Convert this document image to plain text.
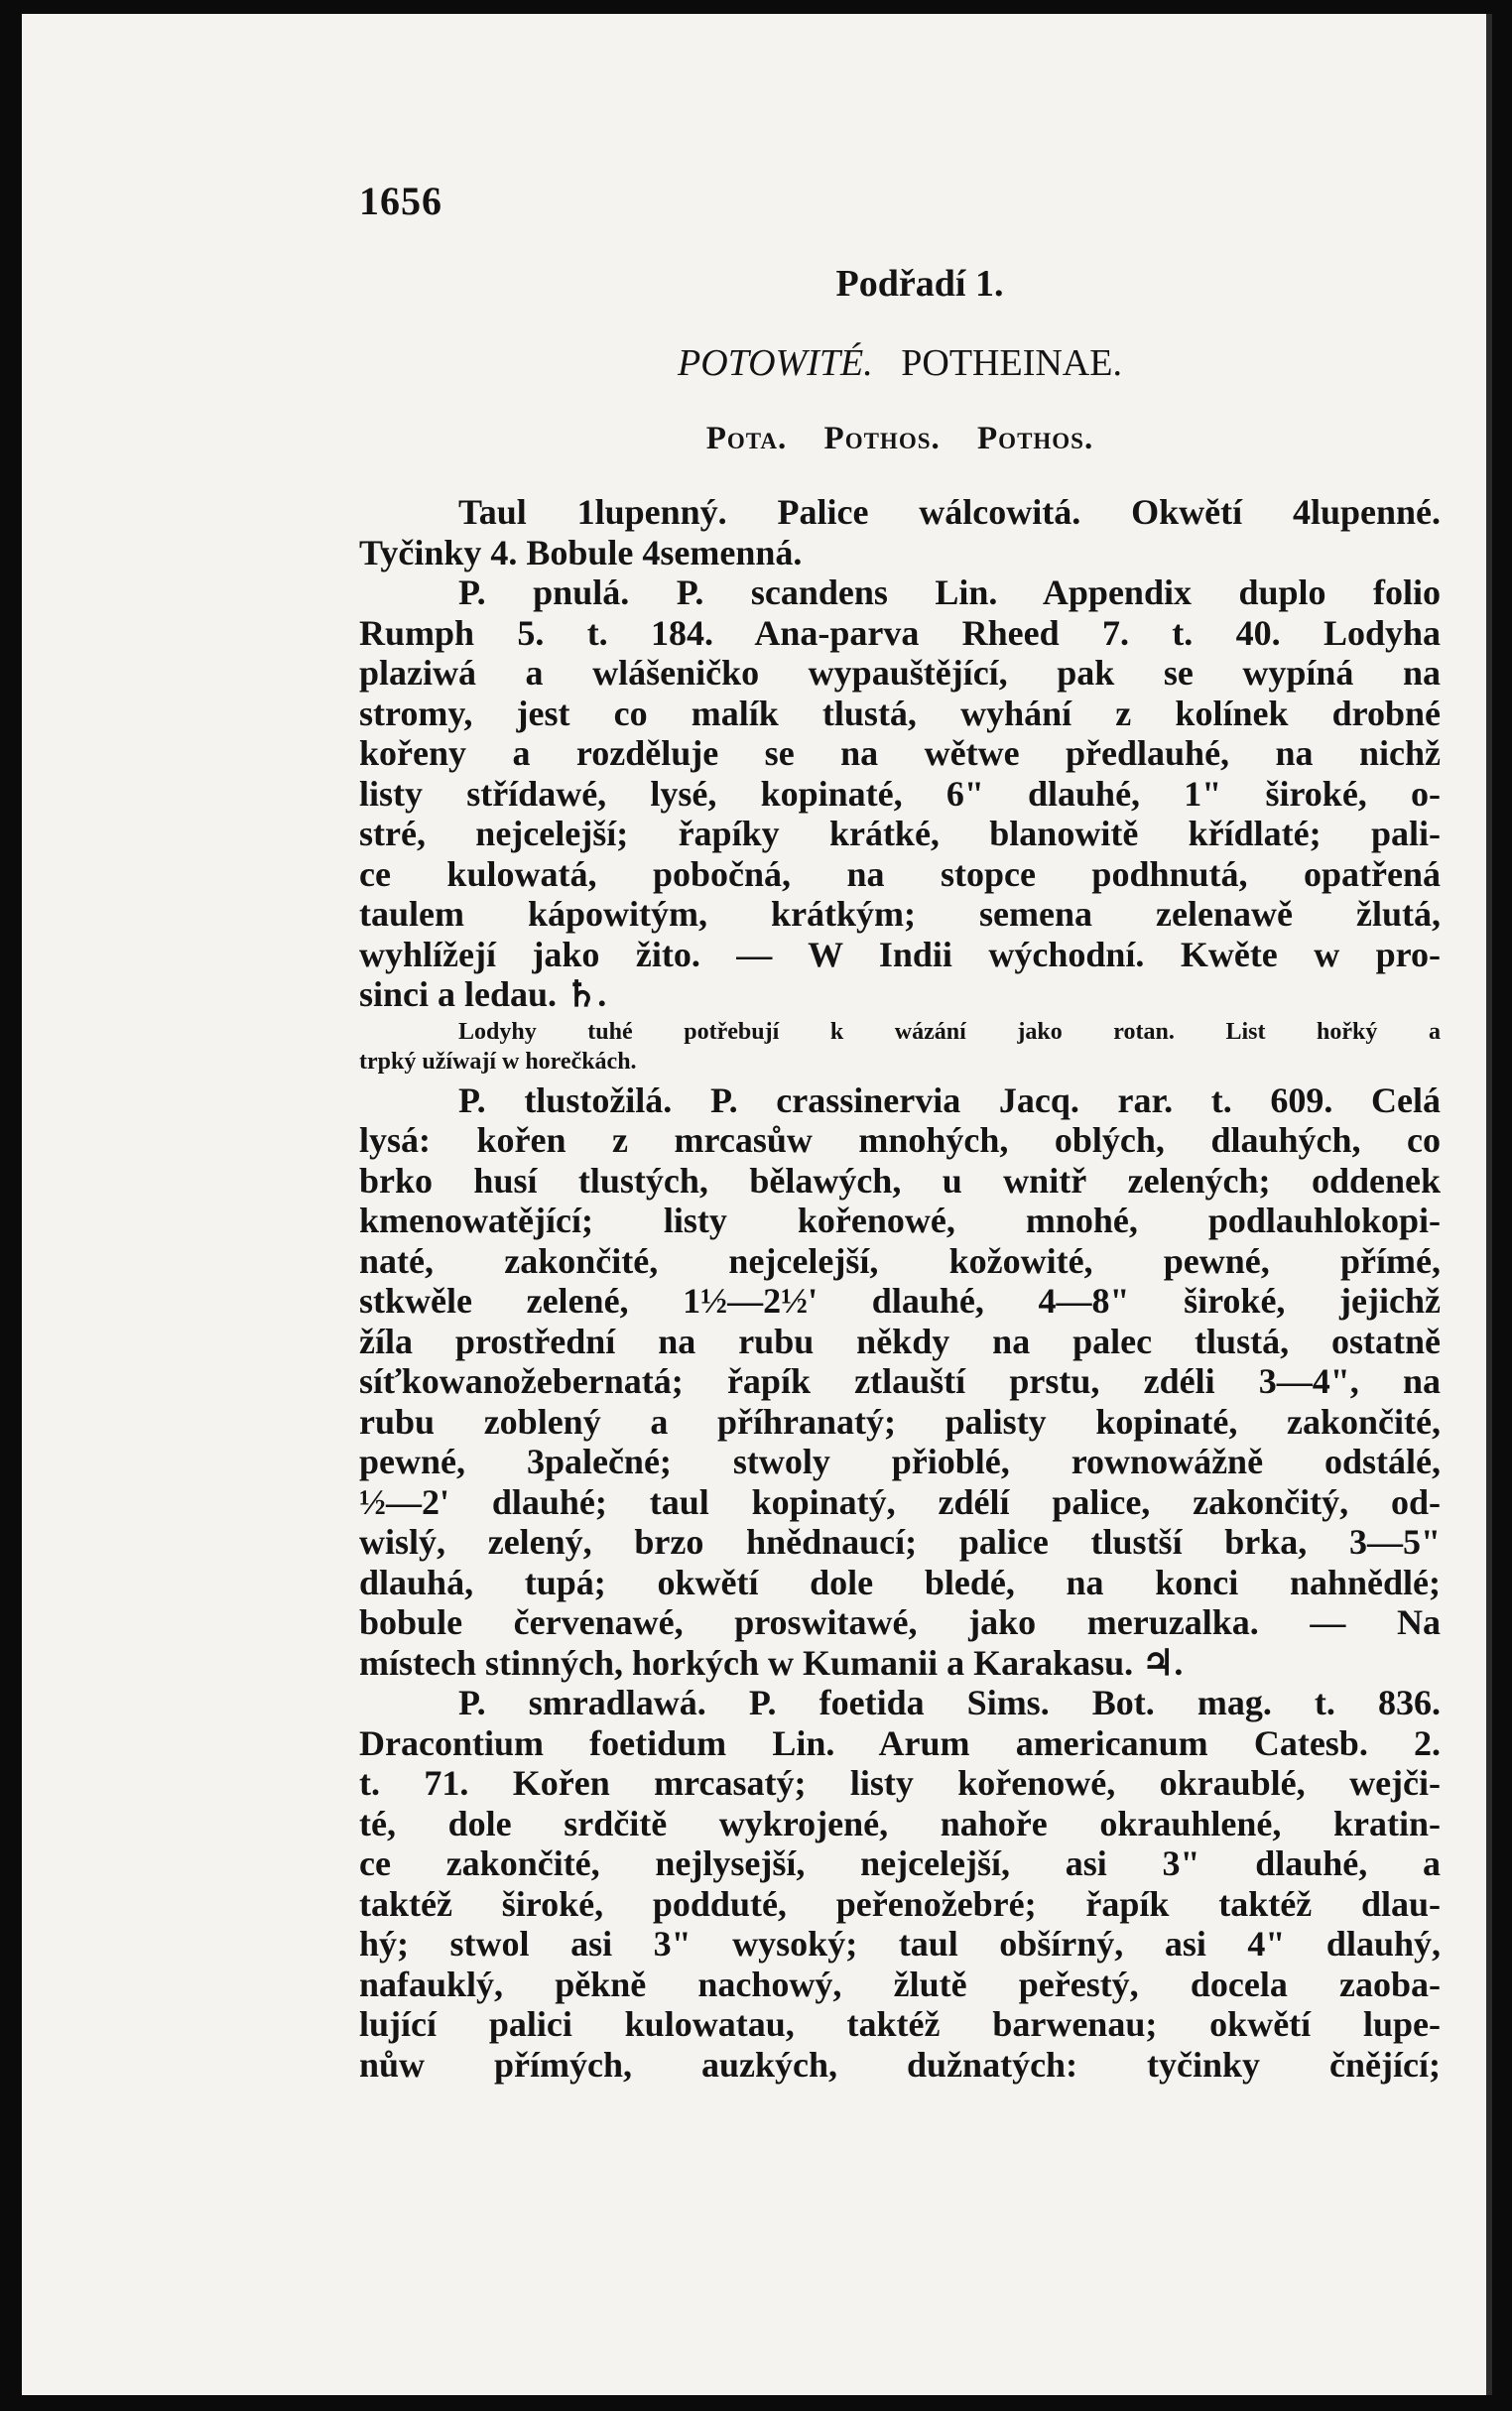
1656
Podřadí 1.
POTOWITÉ. POTHEINAE.
Pota. Pothos. Pothos.
Taul 1lupenný. Palice wálcowitá. Okwětí 4lupenné.
Tyčinky 4. Bobule 4semenná.
P. pnulá. P. scandens Lin. Appendix duplo folio
Rumph 5. t. 184. Ana-parva Rheed 7. t. 40. Lodyha
plaziwá a wlášeničko wypauštějící, pak se wypíná na
stromy, jest co malík tlustá, wyhání z kolínek drobné
kořeny a rozděluje se na wětwe předlauhé, na nichž
listy střídawé, lysé, kopinaté, 6" dlauhé, 1" široké, o-
stré, nejcelejší; řapíky krátké, blanowitě křídlaté; pali-
ce kulowatá, pobočná, na stopce podhnutá, opatřená
taulem kápowitým, krátkým; semena zelenawě žlutá,
wyhlížejí jako žito. — W Indii wýchodní. Kwěte w pro-
sinci a ledau. ♄.
Lodyhy tuhé potřebují k wázání jako rotan. List hořký a
trpký užíwají w horečkách.
P. tlustožilá. P. crassinervia Jacq. rar. t. 609. Celá
lysá: kořen z mrcasůw mnohých, oblých, dlauhých, co
brko husí tlustých, bělawých, u wnitř zelených; oddenek
kmenowatějící; listy kořenowé, mnohé, podlauhlokopi-
naté, zakončité, nejcelejší, kožowité, pewné, přímé,
stkwěle zelené, 1½—2½' dlauhé, 4—8" široké, jejichž
žíla prostřední na rubu někdy na palec tlustá, ostatně
síťkowanožebernatá; řapík ztlauští prstu, zdéli 3—4", na
rubu zoblený a příhranatý; palisty kopinaté, zakončité,
pewné, 3palečné; stwoly přioblé, rownowážně odstálé,
½—2' dlauhé; taul kopinatý, zdélí palice, zakončitý, od-
wislý, zelený, brzo hnědnaucí; palice tlustší brka, 3—5"
dlauhá, tupá; okwětí dole bledé, na konci nahnědlé;
bobule červenawé, proswitawé, jako meruzalka. — Na
místech stinných, horkých w Kumanii a Karakasu. ♃.
P. smradlawá. P. foetida Sims. Bot. mag. t. 836.
Dracontium foetidum Lin. Arum americanum Catesb. 2.
t. 71. Kořen mrcasatý; listy kořenowé, okraublé, wejči-
té, dole srdčitě wykrojené, nahoře okrauhlené, kratin-
ce zakončité, nejlysejší, nejcelejší, asi 3" dlauhé, a
taktéž široké, podduté, peřenožebré; řapík taktéž dlau-
hý; stwol asi 3" wysoký; taul obšírný, asi 4" dlauhý,
nafauklý, pěkně nachowý, žlutě peřestý, docela zaoba-
lující palici kulowatau, taktéž barwenau; okwětí lupe-
nůw přímých, auzkých, dužnatých: tyčinky čnějící;
